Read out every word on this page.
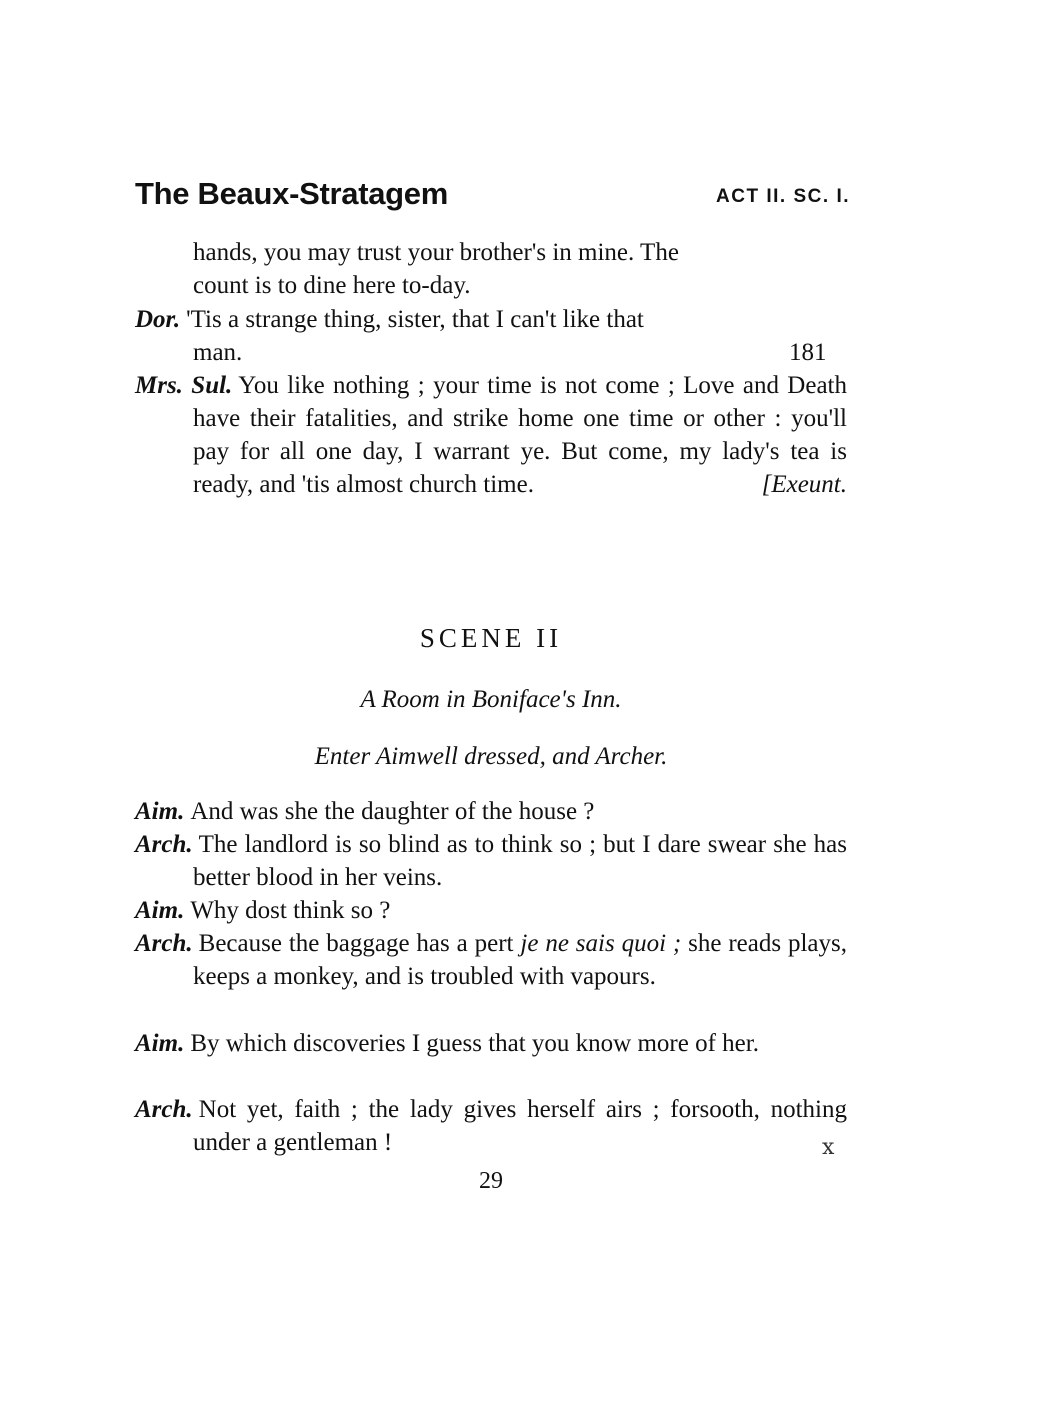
The Beaux-Stratagem	ACT II. SC. I.
hands, you may trust your brother's in mine. The
count is to dine here to-day.
Dor. 'Tis a strange thing, sister, that I can't like that
man.	181
Mrs. Sul. You like nothing ; your time is not come ; Love and Death have their fatalities, and strike home one time or other : you'll pay for all one day, I warrant ye. But come, my lady's tea is ready, and 'tis almost church time.	[Exeunt.
SCENE II
A Room in Boniface's Inn.
Enter Aimwell dressed, and Archer.
Aim. And was she the daughter of the house ?
Arch. The landlord is so blind as to think so ; but I dare swear she has better blood in her veins.
Aim. Why dost think so ?
Arch. Because the baggage has a pert je ne sais quoi ; she reads plays, keeps a monkey, and is troubled with vapours.
Aim. By which discoveries I guess that you know more of her.
Arch. Not yet, faith ; the lady gives herself airs ; forsooth, nothing under a gentleman !	ⅹ
29
